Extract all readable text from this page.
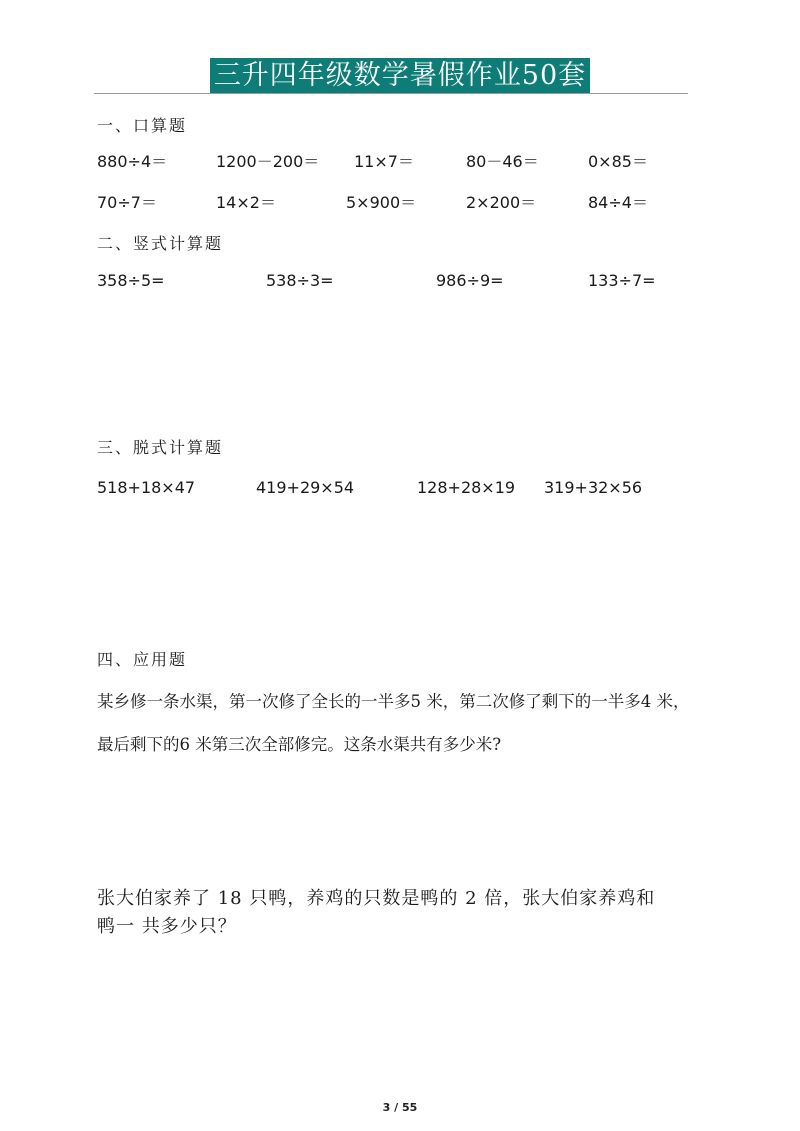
三升四年级数学暑假作业50套
一、口算题
880÷4＝	1200－200＝ 11×7＝	80－46＝	0×85＝
70÷7＝	14×2＝	5×900＝	2×200＝	84÷4＝
二、竖式计算题
358÷5=	538÷3=	986÷9=	133÷7=
三、脱式计算题
518+18×47	419+29×54	128+28×19 319+32×56
四、应用题
某乡修一条水渠，第一次修了全长的一半多5 米，第二次修了剩下的一半多4 米，
最后剩下的6 米第三次全部修完。这条水渠共有多少米?
张大伯家养了 18 只鸭，养鸡的只数是鸭的 2 倍，张大伯家养鸡和
鸭一 共多少只？
3 / 55
